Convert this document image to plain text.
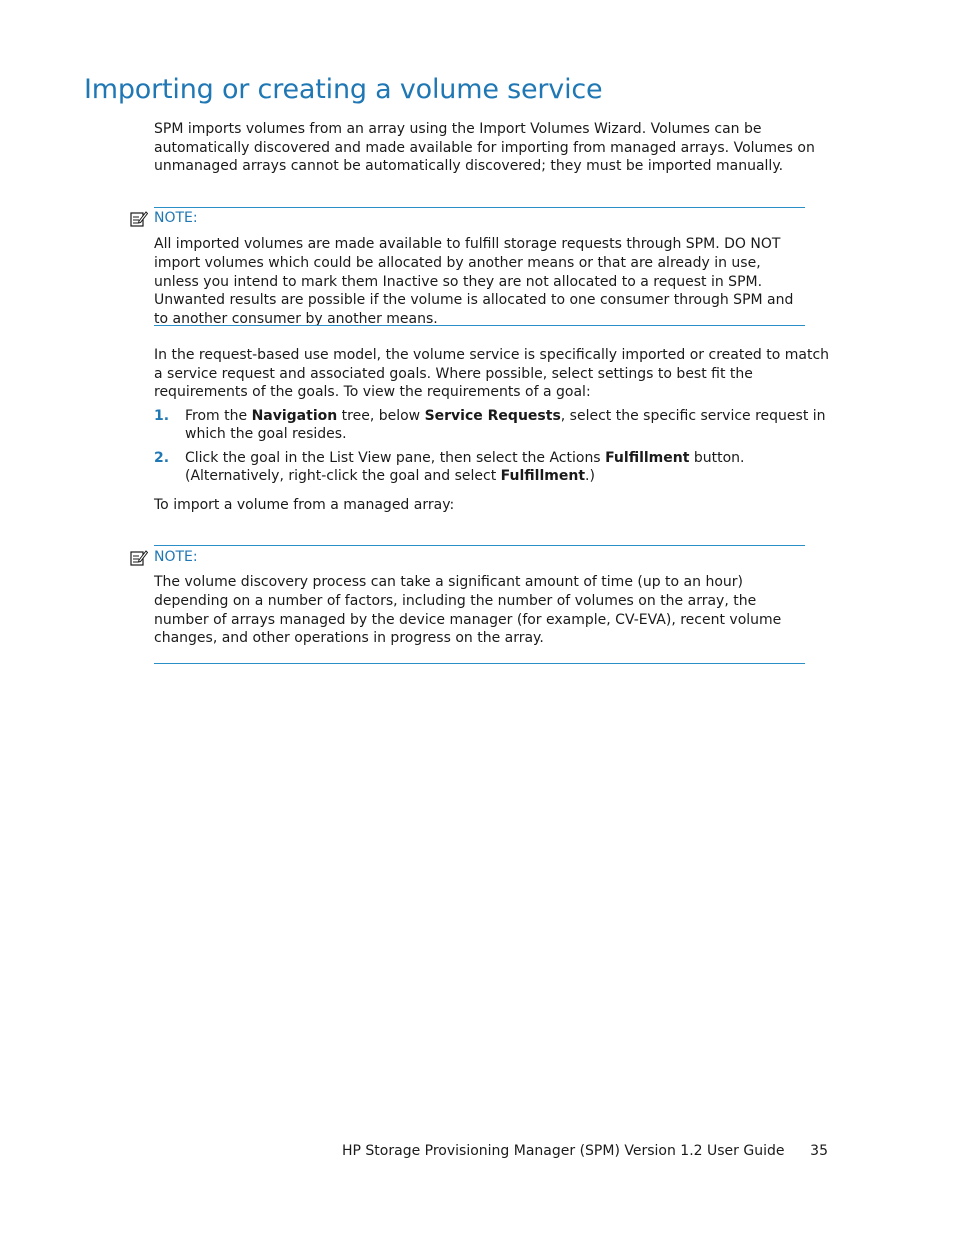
Importing or creating a volume service

SPM imports volumes from an array using the Import Volumes Wizard. Volumes can be automatically discovered and made available for importing from managed arrays. Volumes on unmanaged arrays cannot be automatically discovered; they must be imported manually.

NOTE:

All imported volumes are made available to fulfill storage requests through SPM. DO NOT import volumes which could be allocated by another means or that are already in use, unless you intend to mark them Inactive so they are not allocated to a request in SPM. Unwanted results are possible if the volume is allocated to one consumer through SPM and to another consumer by another means.

In the request-based use model, the volume service is specifically imported or created to match a service request and associated goals. Where possible, select settings to best fit the requirements of the goals. To view the requirements of a goal:

1. From the Navigation tree, below Service Requests, select the specific service request in which the goal resides.
2. Click the goal in the List View pane, then select the Actions Fulfillment button. (Alternatively, right-click the goal and select Fulfillment.)

To import a volume from a managed array:

NOTE:

The volume discovery process can take a significant amount of time (up to an hour) depending on a number of factors, including the number of volumes on the array, the number of arrays managed by the device manager (for example, CV-EVA), recent volume changes, and other operations in progress on the array.

HP Storage Provisioning Manager (SPM) Version 1.2 User Guide 35
